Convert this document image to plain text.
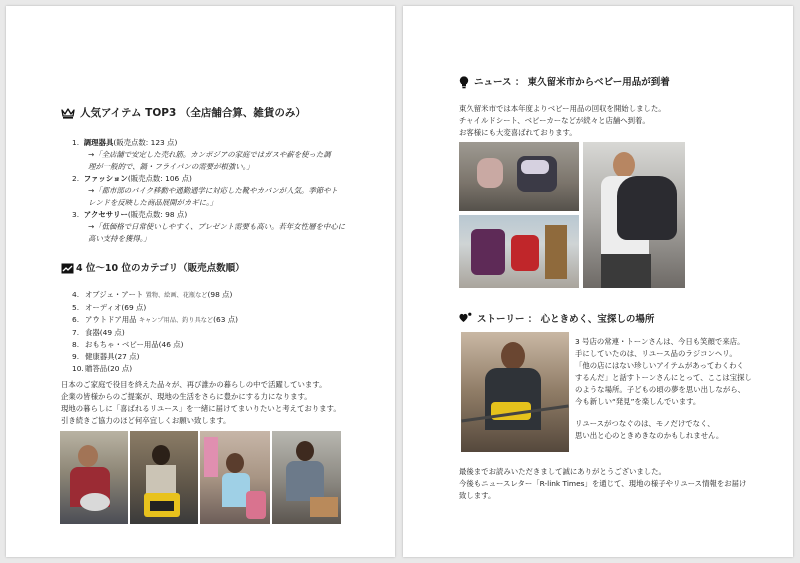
人気アイテム TOP3 （全店舗合算、雑貨のみ）
1. 調理器具(販売点数: 123 点)
→「全店舗で安定した売れ筋。カンボジアの家庭ではガスや薪を使った調
理が一般的で、鍋・フライパンの需要が根強い。」
2. ファッション(販売点数: 106 点)
→「都市部のバイク移動や通勤通学に対応した靴やカバンが人気。季節やト
レンドを反映した商品展開がカギに。」
3. アクセサリー(販売点数: 98 点)
→「低価格で日常使いしやすく、プレゼント需要も高い。若年女性層を中心に
高い支持を獲得。」
4 位〜10 位のカテゴリ（販売点数順）
4. オブジェ・アート 置物、絵画、花瓶など(98 点)
5. オーディオ(69 点)
6. アウトドア用品 キャンプ用品、釣り具など(63 点)
7. 食器(49 点)
8. おもちゃ・ベビー用品(46 点)
9. 健康器具(27 点)
10.贈答品(20 点)
日本のご家庭で役目を終えた品々が、再び誰かの暮らしの中で活躍しています。
企業の皆様からのご提案が、現地の生活をさらに豊かにする力になります。
現地の暮らしに「喜ばれるリユース」を一緒に届けてまいりたいと考えております。
引き続きご協力のほど何卒宜しくお願い致します。
ニュース ： 東久留米市からベビー用品が到着
東久留米市では本年度よりベビー用品の回収を開始しました。
チャイルドシート、ベビーカーなどが続々と店舗へ到着。
お客様にも大変喜ばれております。
ストーリー ： 心ときめく、宝探しの場所
3 号店の常連・トーンさんは、今日も笑顔で来店。
手にしていたのは、リユース品のラジコンヘリ。
「他の店にはない珍しいアイテムがあってわくわく
するんだ」と話すトーンさんにとって、ここは宝探し
のような場所。子どもの頃の夢を思い出しながら、
今も新しい“発見”を楽しんでいます。
リユースがつなぐのは、モノだけでなく、
思い出と心のときめきなのかもしれません。
最後までお読みいただきまして誠にありがとうございました。
今後もニュースレター「R-link Times」を通じて、現地の様子やリユース情報をお届け
致します。
